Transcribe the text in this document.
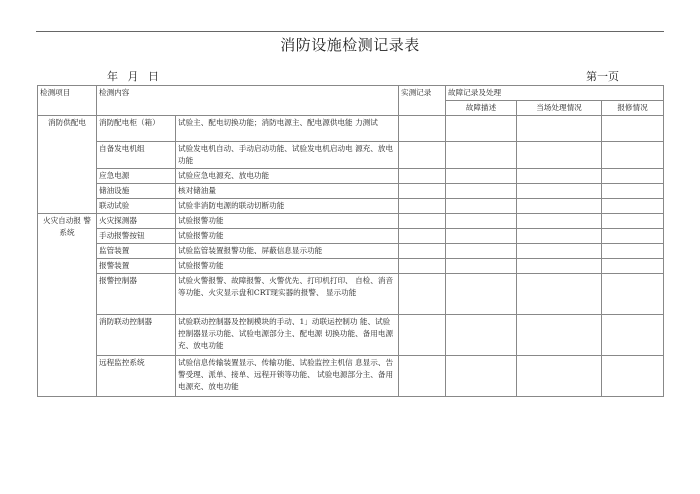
消防设施检测记录表
年 月 日	第一页
检测项目	检测内容		实测记录	故障记录及处理		
				故障描述	当场处理情况	报修情况
消防供配电	消防配电柜（箱）	试验主、配电切换功能；消防电源主、配电源供电能 力测试				
	自备发电机组	试验发电机自动、手动启动功能、试验发电机启动电 源充、放电功能				
	应急电源	试验应急电源充、放电功能				
	储油设施	核对储油量				
	联动试验	试验非消防电源的联动切断功能				
火灾自动报 警系统	火灾探测器	试验报警功能				
	手动报警按钮	试验报警功能				
	监管装置	试验监管装置报警功能、屏蔽信息显示功能				
	报警装置	试验报警功能				
	报警控制器	试验火警报警、故障报警、火警优先、打印机打印、 自检、消音等功能、火灾显示盘和CRT现实器的报警、 显示功能				
	消防联动控制器	试验联动控制器及控制模块的手动、1」动联运控制功 能、试验控制器显示功能、试验电源部分主、配电源 切换功能、备用电源充、放电功能				
	远程监控系统	试验信息传输装置显示、传输功能、试验监控主机信 息显示、告警受理、派单、接单、远程开锁等功能、 试验电源部分主、备用电源充、放电功能				
